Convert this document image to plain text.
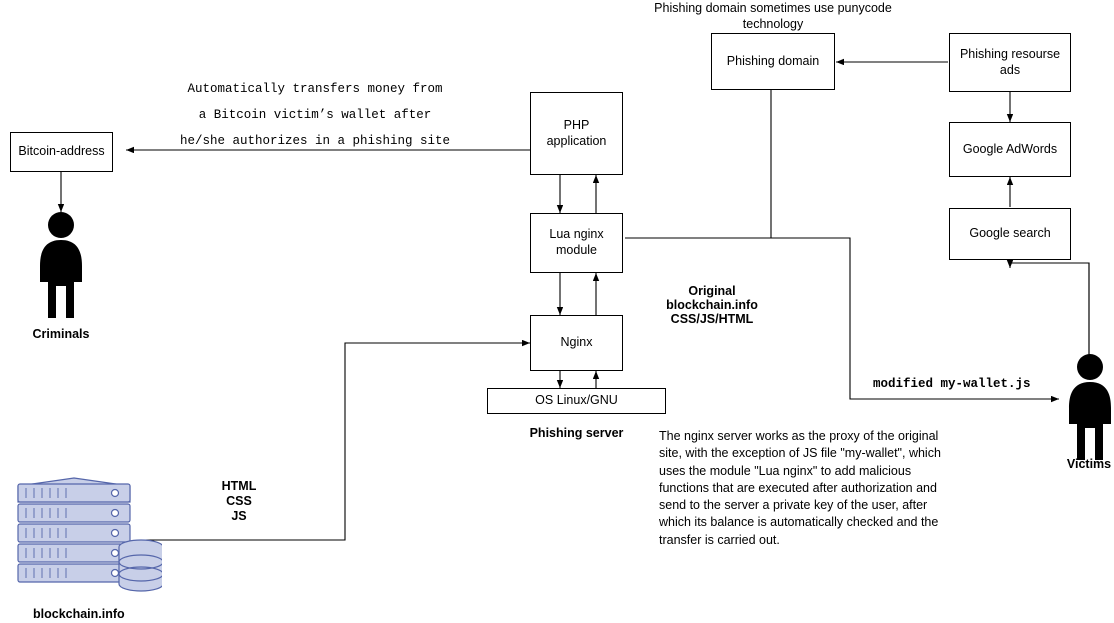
Phishing domain sometimes use punycode technology
Phishing domain	Phishing resourse ads
Google AdWords
Google search
PHP application
Lua nginx module
Nginx
OS Linux/GNU
Bitcoin-address
Automatically transfers money from
a Bitcoin victim’s wallet after
he/she authorizes in a phishing site
Criminals
Victims
blockchain.info
HTML
CSS
JS
Original
blockchain.info
CSS/JS/HTML
Phishing server
modified my-wallet.js
The nginx server works as the proxy of the original site, with the exception of JS file "my-wallet", which uses the module "Lua nginx" to add malicious functions that are executed after authorization and send to the server a private key of the user, after which its balance is automatically checked and the transfer is carried out.
